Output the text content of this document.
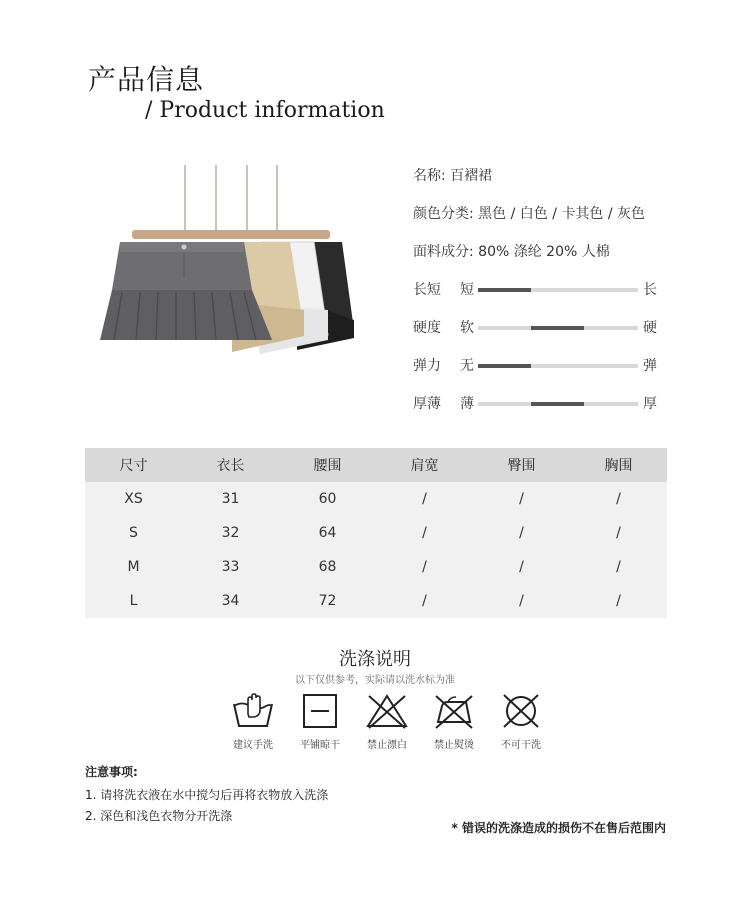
产品信息
/ Product information
名称: 百褶裙
颜色分类: 黑色 / 白色 / 卡其色 / 灰色
面料成分: 80% 涤纶 20% 人棉
长短 短	长
硬度 软	硬
弹力 无	弹
厚薄 薄	厚
尺寸	衣长	腰围	肩宽	臀围	胸围
XS	31	60	/	/	/
S	32	64	/	/	/
M	33	68	/	/	/
L	34	72	/	/	/
洗涤说明
以下仅供参考，实际请以洗水标为准
建议手洗	平铺晾干	禁止漂白	禁止熨烫	不可干洗
注意事项:
1. 请将洗衣液在水中搅匀后再将衣物放入洗涤
2. 深色和浅色衣物分开洗涤
* 错误的洗涤造成的损伤不在售后范围内
